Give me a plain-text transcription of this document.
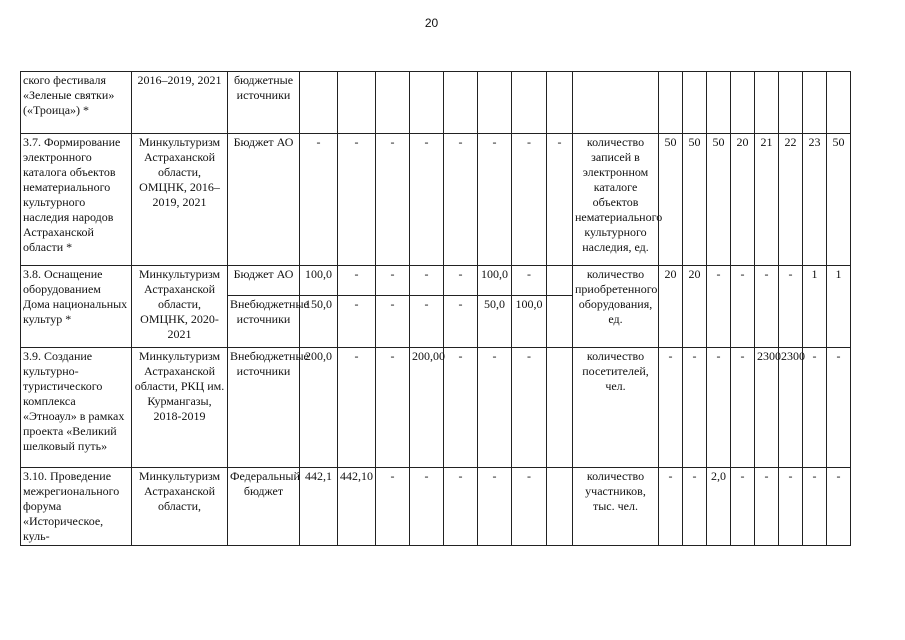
20
ского фестиваля «Зеленые святки» («Троица») *	2016–2019, 2021	бюджетные источники																	
3.7. Формирование электронного каталога объектов нематериального культурного наследия народов Астраханской области *	Минкультуризм Астраханской области, ОМЦНК, 2016–2019, 2021	Бюджет АО	-	-	-	-	-	-	-	-	количество записей в электронном каталоге объектов нематериального культурного наследия, ед.	50	50	50	20	21	22	23	50
3.8. Оснащение оборудованием Дома национальных культур *	Минкультуризм Астраханской области, ОМЦНК, 2020-2021	Бюджет АО	100,0	-	-	-	-	100,0	-		количество приобретенного оборудования, ед.	20	20	-	-	-	-	1	1
		Внебюджетные источники	150,0	-	-	-	-	50,0	100,0										
3.9. Создание культурно-туристического комплекса «Этноаул» в рамках проекта «Великий шелковый путь»	Минкультуризм Астраханской области, РКЦ им. Курмангазы, 2018-2019	Внебюджетные источники	200,0	-	-	200,00	-	-	-		количество посетителей, чел.	-	-	-	-	2300	2300	-	-
3.10. Проведение межрегионального форума «Историческое, куль-	Минкультуризм Астраханской области,	Федеральный бюджет	442,1	442,10	-	-	-	-	-		количество участников, тыс. чел.	-	-	2,0	-	-	-	-	-
